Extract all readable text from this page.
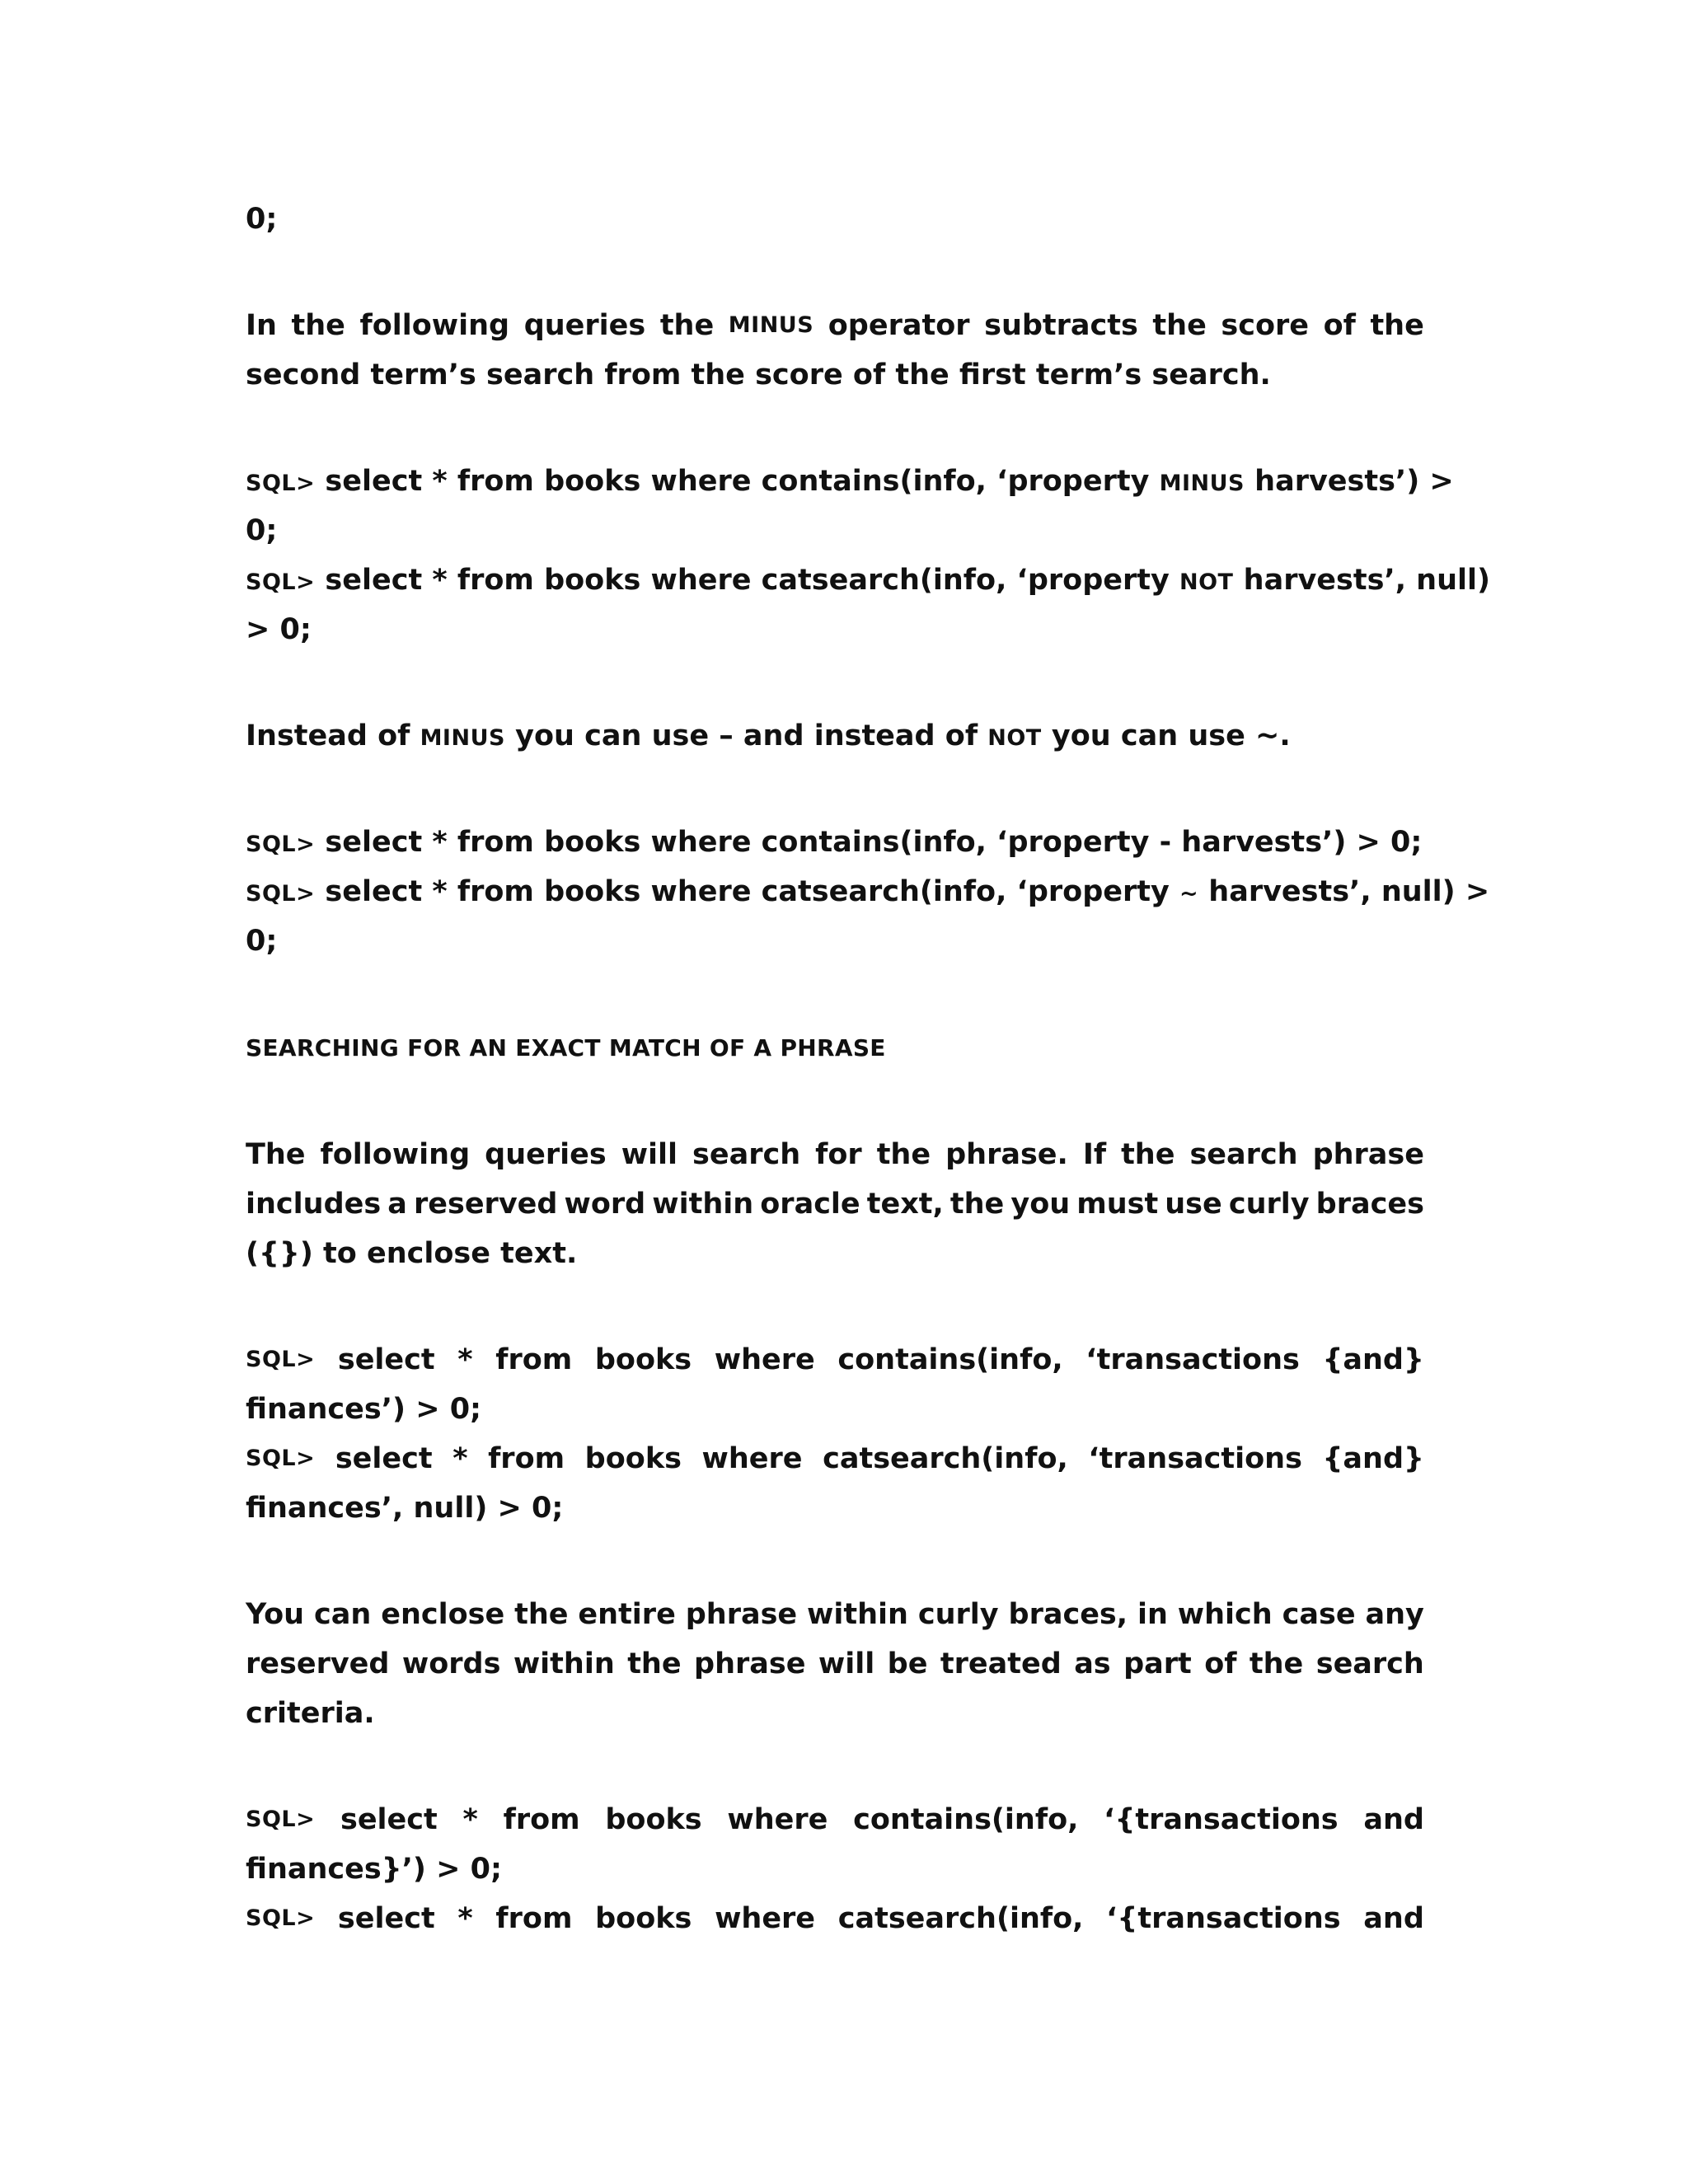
0;
In the following queries the MINUS operator subtracts the score of the
second term’s search from the score of the first term’s search.
SQL> select * from books where contains(info, ‘property MINUS harvests’) >
0;
SQL> select * from books where catsearch(info, ‘property NOT harvests’, null)
> 0;
Instead of MINUS you can use – and instead of NOT you can use ~.
SQL> select * from books where contains(info, ‘property - harvests’) > 0;
SQL> select * from books where catsearch(info, ‘property ~ harvests’, null) >
0;
SEARCHING FOR AN EXACT MATCH OF A PHRASE
The following queries will search for the phrase. If the search phrase
includes a reserved word within oracle text, the you must use curly braces
({}) to enclose text.
SQL> select * from books where contains(info, ‘transactions {and}
finances’) > 0;
SQL> select * from books where catsearch(info, ‘transactions {and}
finances’, null) > 0;
You can enclose the entire phrase within curly braces, in which case any
reserved words within the phrase will be treated as part of the search
criteria.
SQL> select * from books where contains(info, ‘{transactions and
finances}’) > 0;
SQL> select * from books where catsearch(info, ‘{transactions and
